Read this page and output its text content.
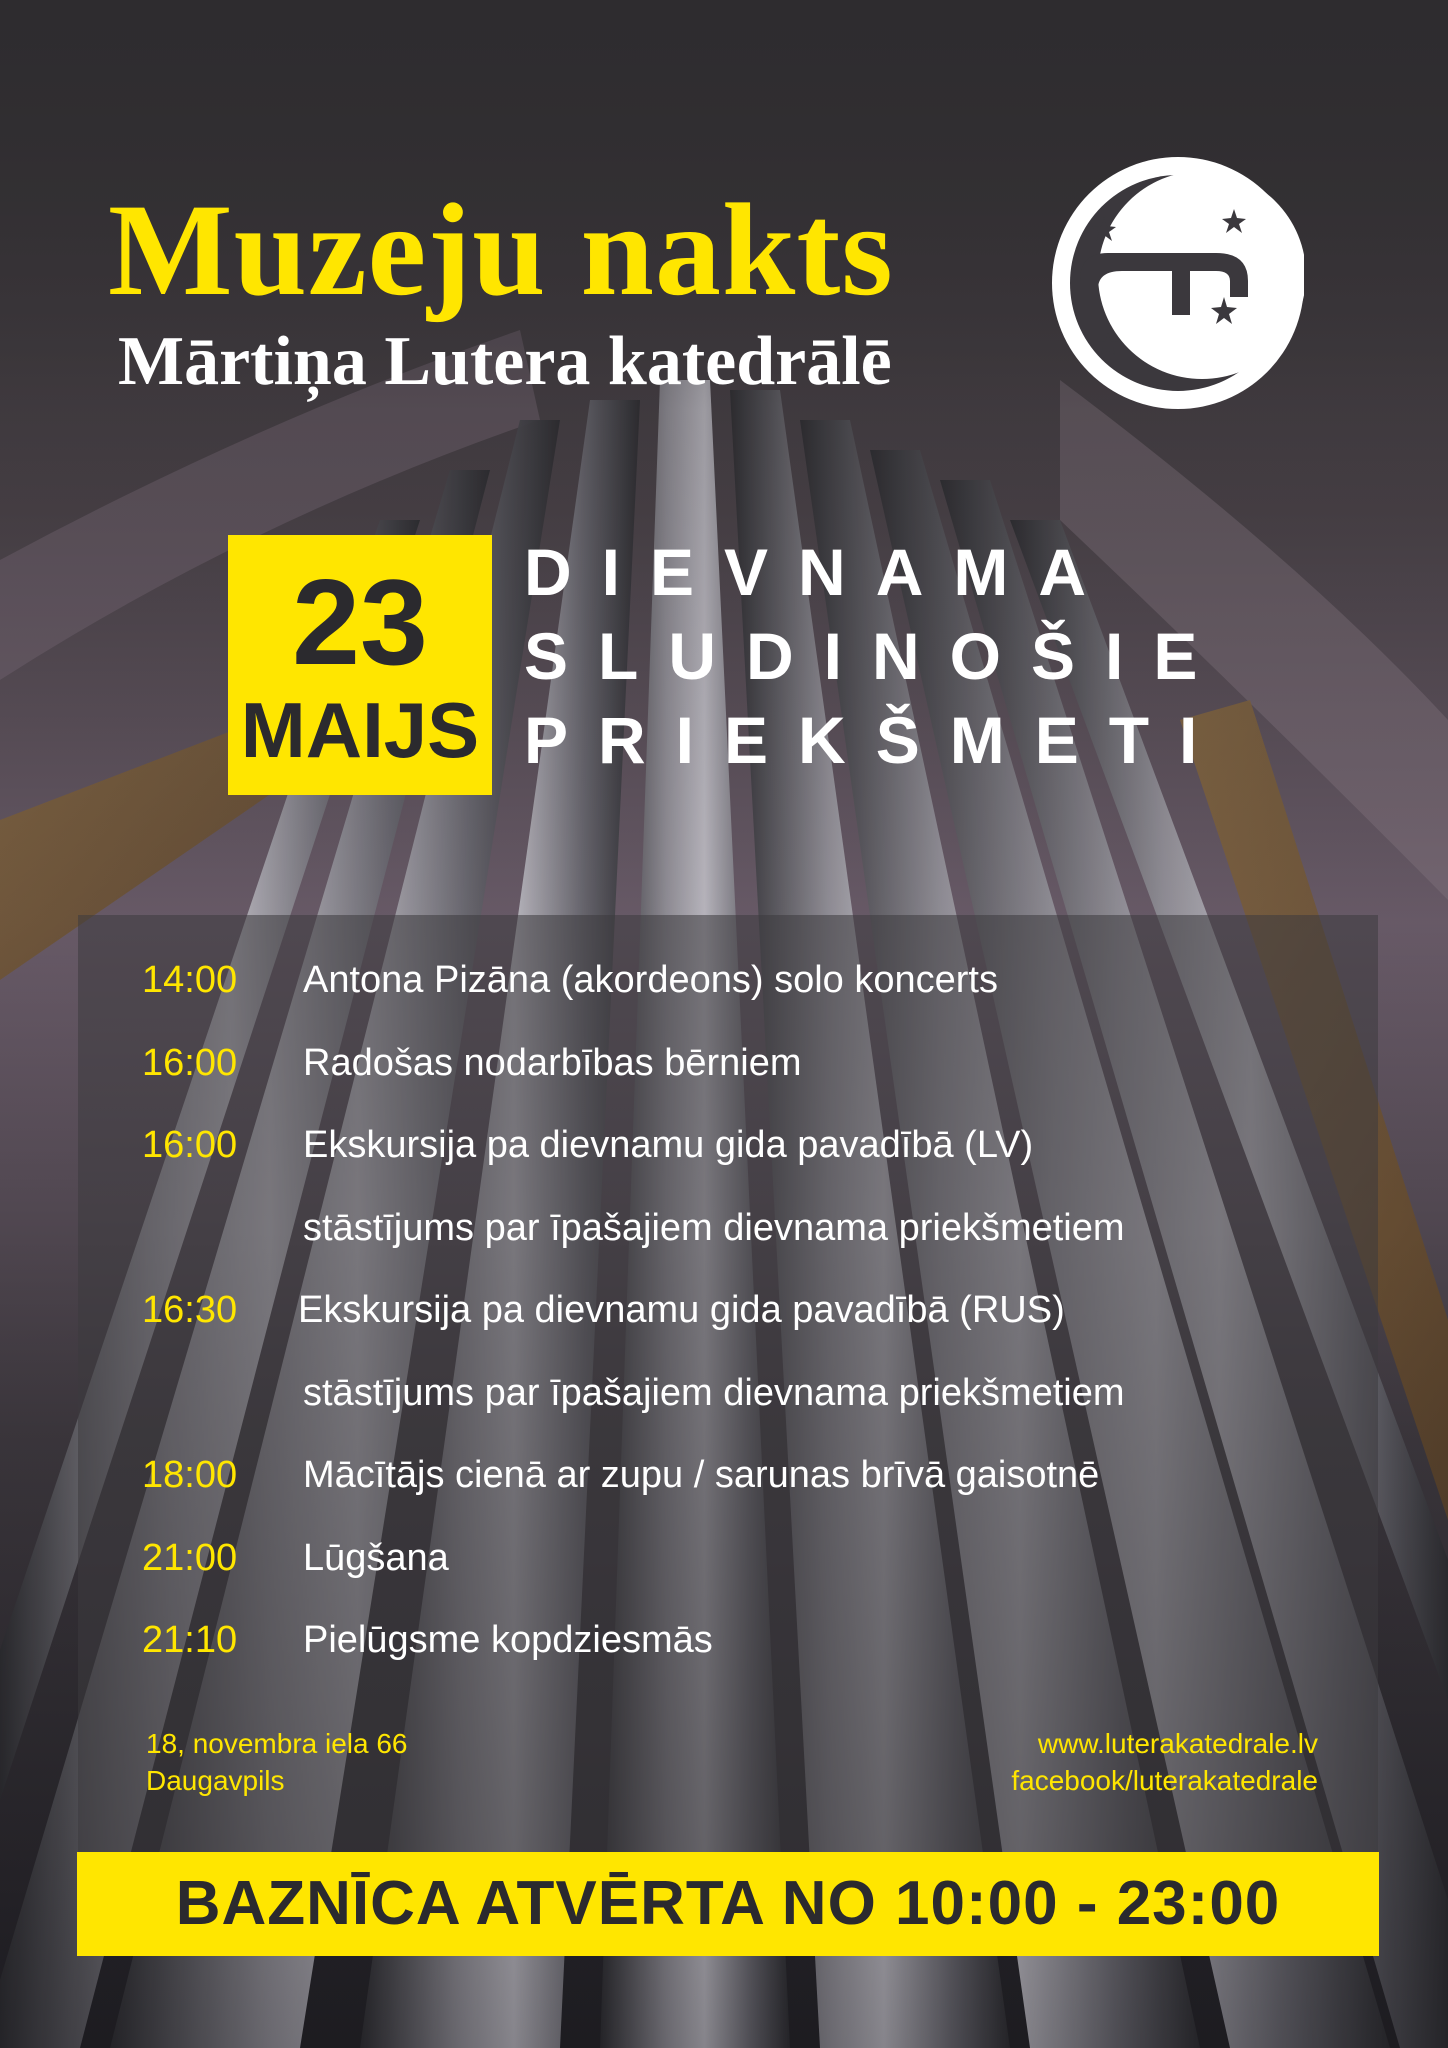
Muzeju nakts
Mārtiņa Lutera katedrālē
23
MAIJS
DIEVNAMA
SLUDINOŠIE
PRIEKŠMETI
14:00 Antona Pizāna (akordeons) solo koncerts
16:00 Radošas nodarbības bērniem
16:00 Ekskursija pa dievnamu gida pavadībā (LV)
stāstījums par īpašajiem dievnama priekšmetiem
16:30 Ekskursija pa dievnamu gida pavadībā (RUS)
stāstījums par īpašajiem dievnama priekšmetiem
18:00 Mācītājs cienā ar zupu / sarunas brīvā gaisotnē
21:00 Lūgšana
21:10 Pielūgsme kopdziesmās
18, novembra iela 66
Daugavpils
www.luterakatedrale.lv
facebook/luterakatedrale
BAZNĪCA ATVĒRTA NO 10:00 - 23:00
